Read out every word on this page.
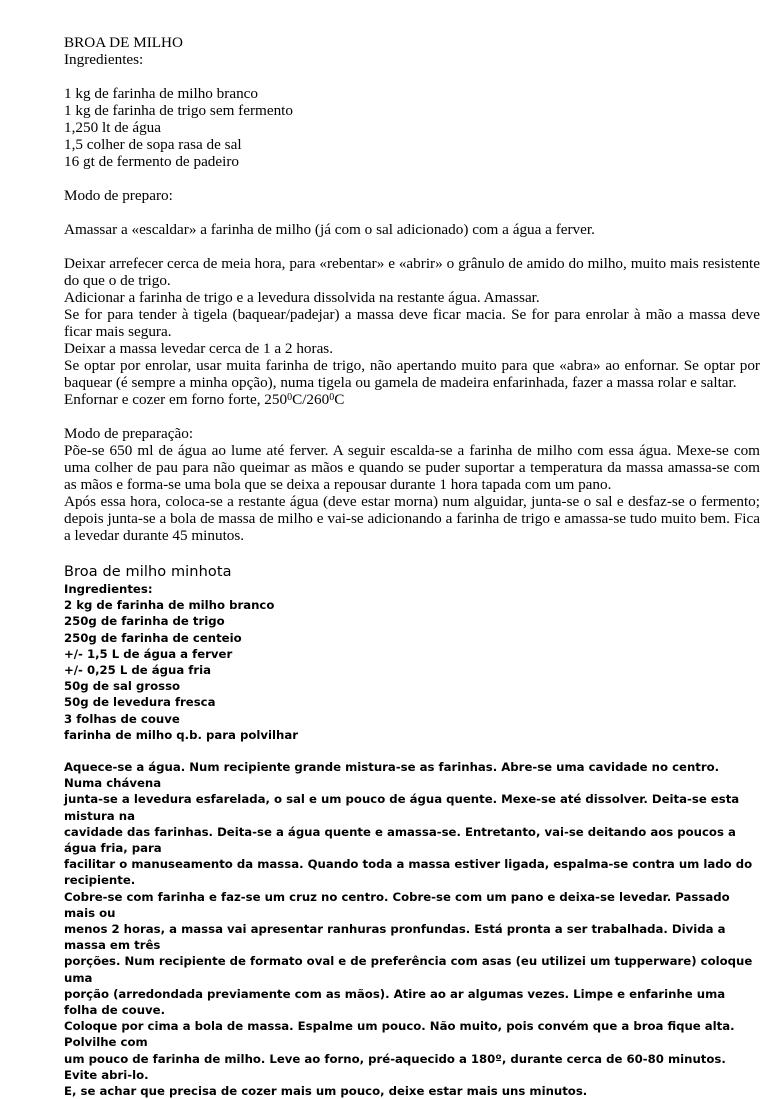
BROA DE MILHO

Ingredientes:

1 kg de farinha de milho branco

1 kg de farinha de trigo sem fermento

1,250 lt de água

1,5 colher de sopa rasa de sal

16 gt de fermento de padeiro

Modo de preparo:

Amassar a «escaldar» a farinha de milho (já com o sal adicionado) com a água a ferver.

Deixar arrefecer cerca de meia hora, para «rebentar» e «abrir» o grânulo de amido do milho, muito mais resistente do que o de trigo.

Adicionar a farinha de trigo e a levedura dissolvida na restante água. Amassar.

Se for para tender à tigela (baquear/padejar) a massa deve ficar macia. Se for para enrolar à mão a massa deve ficar mais segura.

Deixar a massa levedar cerca de 1 a 2 horas.

Se optar por enrolar, usar muita farinha de trigo, não apertando muito para que «abra» ao enfornar. Se optar por baquear (é sempre a minha opção), numa tigela ou gamela de madeira enfarinhada, fazer a massa rolar e saltar.

Enfornar e cozer em forno forte, $250^0C/260^0C$

Modo de preparação:

Põe-se 650 ml de água ao lume até ferver. A seguir escalda-se a farinha de milho com essa água. Mexe-se com uma colher de pau para não queimar as mãos e quando se puder suportar a temperatura da massa amassa-se com as mãos e forma-se uma bola que se deixa a repousar durante 1 hora tapada com um pano.

Após essa hora, coloca-se a restante água (deve estar morna) num alguidar, junta-se o sal e desfaz-se o fermento; depois junta-se a bola de massa de milho e vai-se adicionando a farinha de trigo e amassa-se tudo muito bem. Fica a levedar durante 45 minutos.

Broa de milho minhota

Ingredientes:

2 kg de farinha de milho branco

250g de farinha de trigo

250g de farinha de centeio

+/- 1,5 L de água a ferver

+/- 0,25 L de água fria

50g de sal grosso

50g de levedura fresca

3 folhas de couve

farinha de milho q.b. para polvilhar

Aquece-se a água. Num recipiente grande mistura-se as farinhas. Abre-se uma cavidade no centro. Numa chávena

junta-se a levedura esfarelada, o sal e um pouco de água quente. Mexe-se até dissolver. Deita-se esta mistura na

cavidade das farinhas. Deita-se a água quente e amassa-se. Entretanto, vai-se deitando aos poucos a água fria, para

facilitar o manuseamento da massa. Quando toda a massa estiver ligada, espalma-se contra um lado do recipiente.

Cobre-se com farinha e faz-se um cruz no centro. Cobre-se com um pano e deixa-se levedar. Passado mais ou

menos 2 horas, a massa vai apresentar ranhuras pronfundas. Está pronta a ser trabalhada. Divida a massa em três

porções. Num recipiente de formato oval e de preferência com asas (eu utilizei um tupperware) coloque uma

porção (arredondada previamente com as mãos). Atire ao ar algumas vezes. Limpe e enfarinhe uma folha de couve.

Coloque por cima a bola de massa. Espalme um pouco. Não muito, pois convém que a broa fique alta. Polvilhe com

um pouco de farinha de milho. Leve ao forno, pré-aquecido a 180º, durante cerca de 60-80 minutos. Evite abri-lo.

E, se achar que precisa de cozer mais um pouco, deixe estar mais uns minutos.
